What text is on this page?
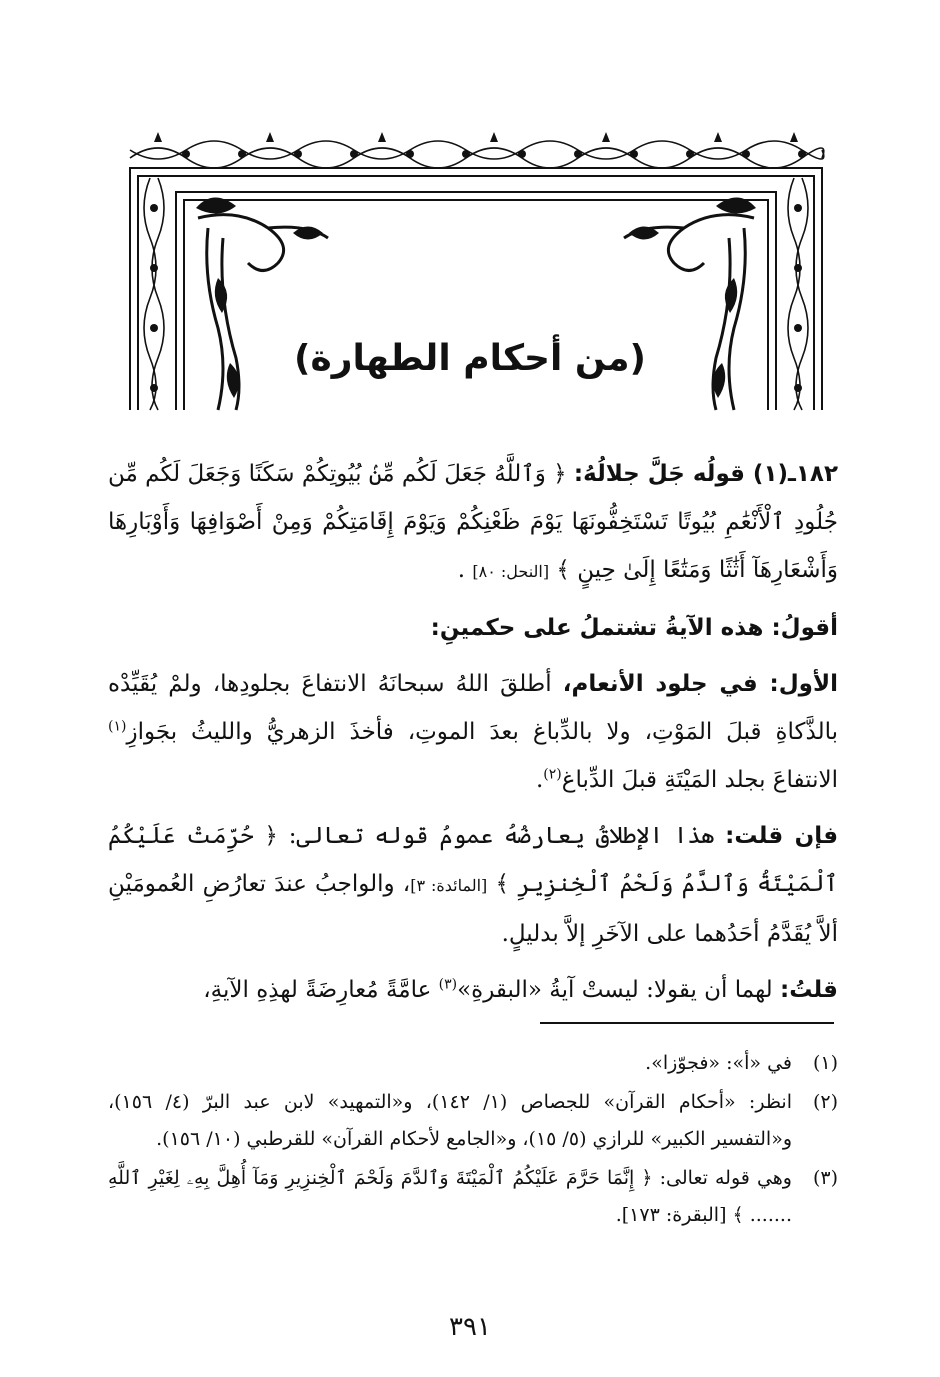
(من أحكام الطهارة)

١٨٢ـ(١) قولُه جَلَّ جلالُهُ: ﴿ وَٱللَّهُ جَعَلَ لَكُم مِّنۢ بُيُوتِكُمْ سَكَنًا وَجَعَلَ لَكُم مِّن جُلُودِ ٱلْأَنْعَٰمِ بُيُوتًا تَسْتَخِفُّونَهَا يَوْمَ ظَعْنِكُمْ وَيَوْمَ إِقَامَتِكُمْ وَمِنْ أَصْوَافِهَا وَأَوْبَارِهَا وَأَشْعَارِهَآ أَثَٰثًا وَمَتَٰعًا إِلَىٰ حِينٍ ﴾ [النحل: ٨٠] .

أقولُ: هذه الآيةُ تشتملُ على حكمينِ:

الأول: في جلود الأنعام، أطلقَ اللهُ سبحانَهُ الانتفاعَ بجلودِها، ولمْ يُقَيِّدْه بالذَّكاةِ قبلَ المَوْتِ، ولا بالدِّباغ بعدَ الموتِ، فأخذَ الزهريُّ والليثُ بجَوازِ$^{(١)}$ الانتفاعَ بجلد المَيْتَةِ قبلَ الدِّباغ$^{(٢)}$.

فإن قلت: هذا الإطلاقُ يعارضُهُ عمومُ قوله تعالى: ﴿ حُرِّمَتْ عَلَيْكُمُ ٱلْمَيْتَةُ وَٱلدَّمُ وَلَحْمُ ٱلْخِنزِيرِ ﴾ [المائدة: ٣]، والواجبُ عندَ تعارُضِ العُمومَيْنِ ألاَّ يُقَدَّمُ أحَدُهما على الآخَرِ إلاَّ بدليلٍ.

قلتُ: لهما أن يقولا: ليستْ آيةُ «البقرةِ»$^{(٣)}$ عامَّةً مُعارِضَةً لهذِهِ الآيةِ،

(١)
في «أ»: «فجوّزا».
(٢)
انظر: «أحكام القرآن» للجصاص (١/ ١٤٢)، و«التمهيد» لابن عبد البرّ (٤/ ١٥٦)، و«التفسير الكبير» للرازي (٥/ ١٥)، و«الجامع لأحكام القرآن» للقرطبي (١٠/ ١٥٦).
(٣)
وهي قوله تعالى: ﴿ إِنَّمَا حَرَّمَ عَلَيْكُمُ ٱلْمَيْتَةَ وَٱلدَّمَ وَلَحْمَ ٱلْخِنزِيرِ وَمَآ أُهِلَّ بِهِۦ لِغَيْرِ ٱللَّهِ ....... ﴾ [البقرة: ١٧٣].
٣٩١
